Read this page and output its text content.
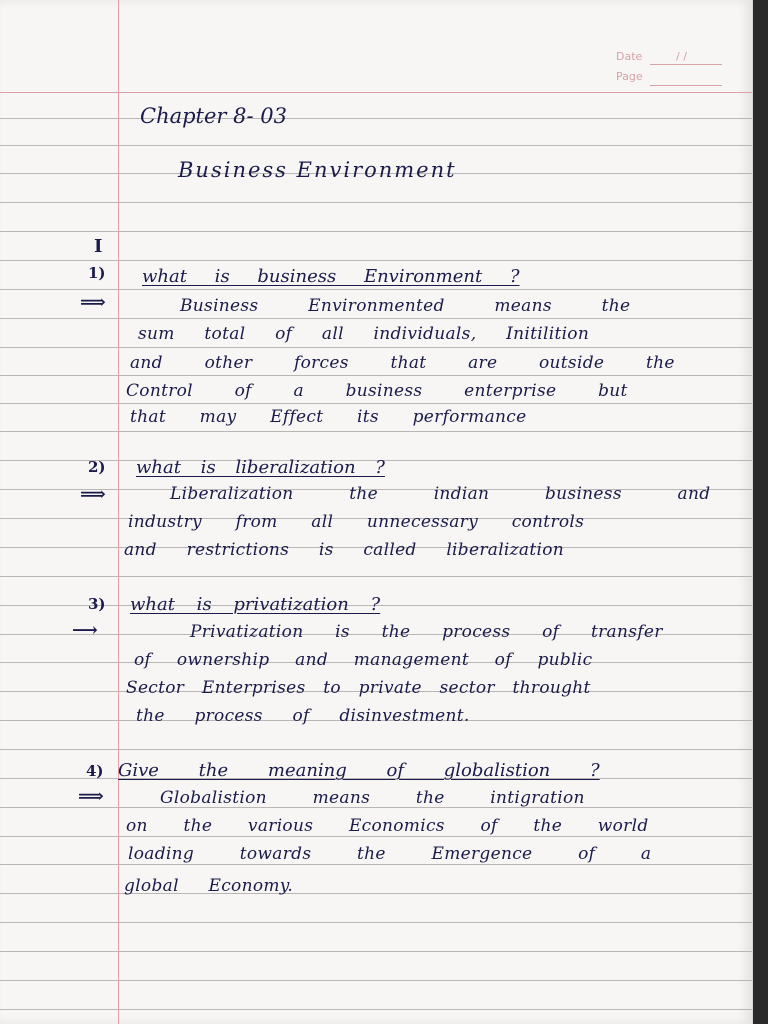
Date	/ /
Page
Chapter 8- 03
Business Environment
I
1) what is business Environment ?
⟹	Business Environmented means the
sum total of all individuals, Initilition
and other forces that are outside the
Control of a business enterprise but
that may Effect its performance
2) what is liberalization ?
⟹	Liberalization the indian business and
industry from all unnecessary controls
and restrictions is called liberalization
3) what is privatization ?
⟶	Privatization is the process of transfer
of ownership and management of public
Sector Enterprises to private sector throught
the process of disinvestment.
4) Give the meaning of globalistion ?
⟹	Globalistion means the intigration
on the various Economics of the world
loading towards the Emergence of a
global Economy.
